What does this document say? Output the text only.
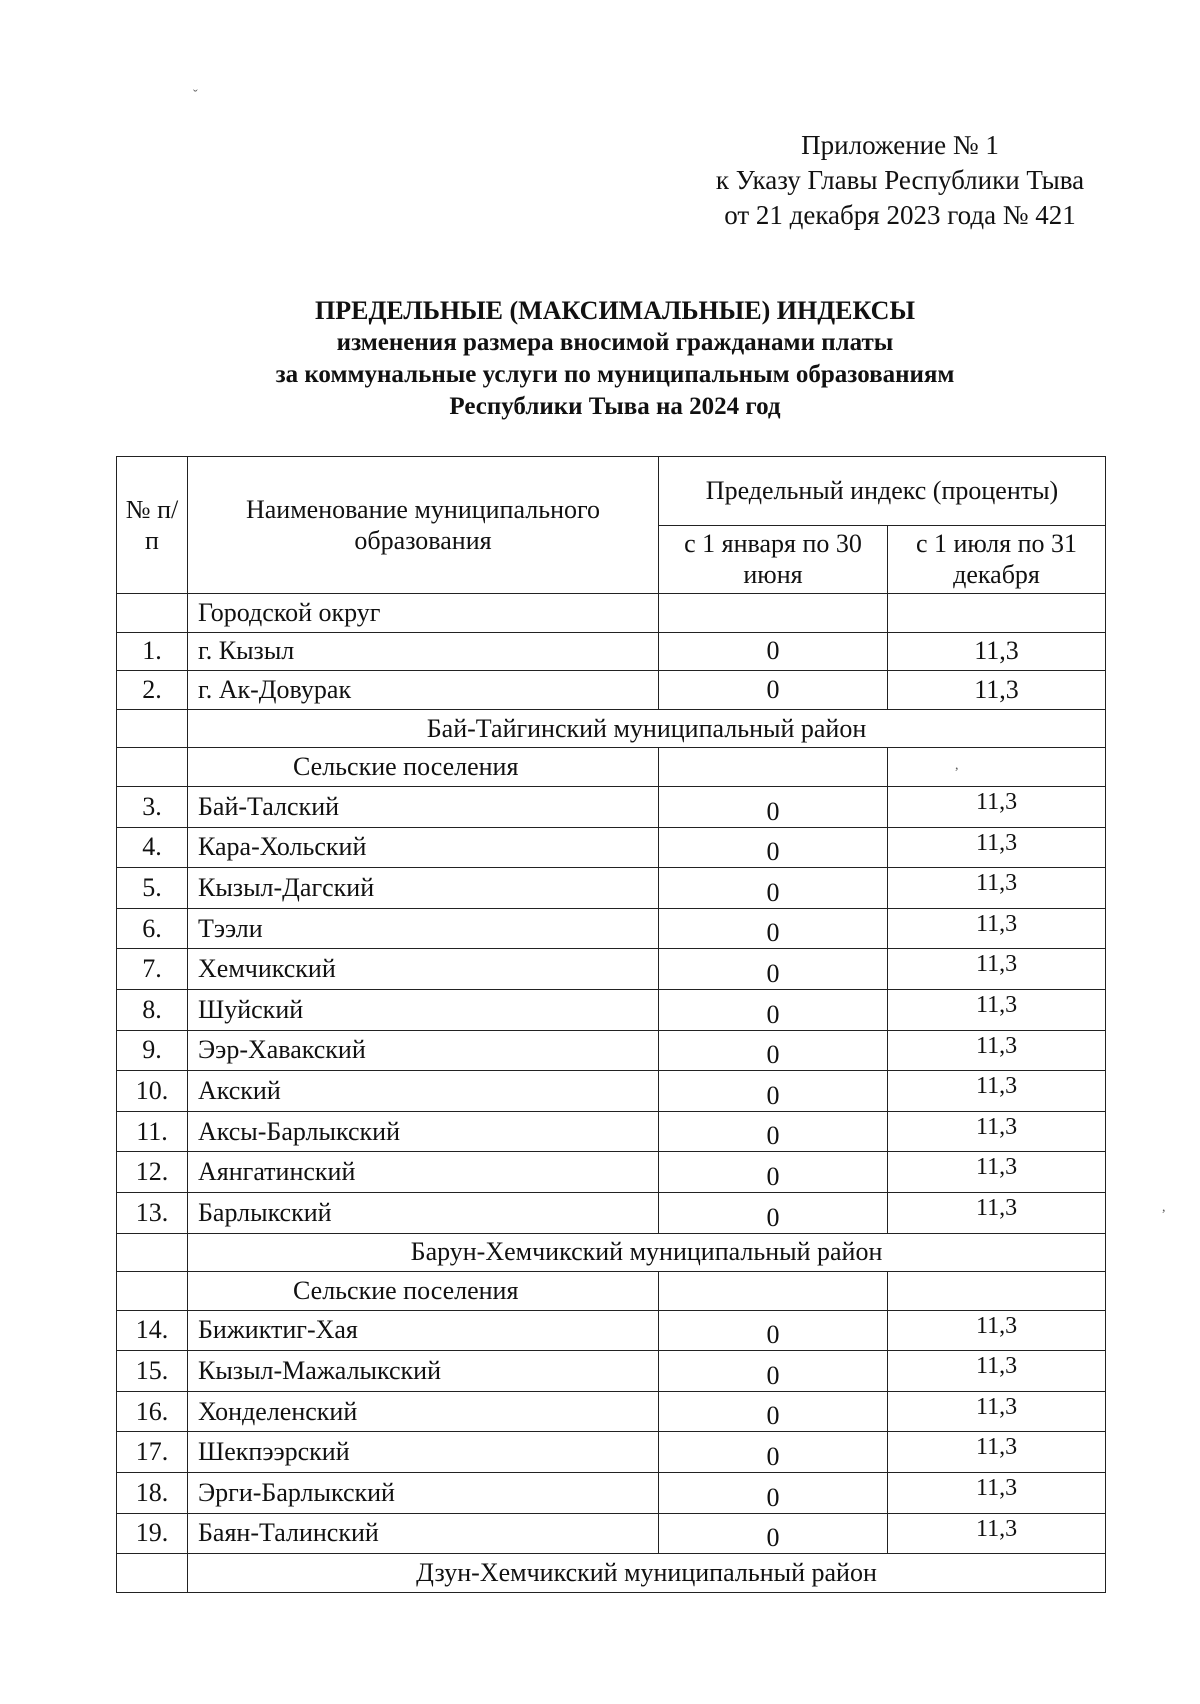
ˇ
,
,
Приложение № 1
к Указу Главы Республики Тыва
от 21 декабря 2023 года № 421
ПРЕДЕЛЬНЫЕ (МАКСИМАЛЬНЫЕ) ИНДЕКСЫ
изменения размера вносимой гражданами платы
за коммунальные услуги по муниципальным образованиям
Республики Тыва на 2024 год
№ п/п	Наименование муниципального образования	Предельный индекс (проценты)	
		с 1 января по 30 июня	с 1 июля по 31 декабря
	Городской округ		
1.	г. Кызыл	0	11,3
2.	г. Ак-Довурак	0	11,3
	Бай-Тайгинский муниципальный район		
	Сельские поселения		
3.	Бай-Талский	0	11,3
4.	Кара-Хольский	0	11,3
5.	Кызыл-Дагский	0	11,3
6.	Тээли	0	11,3
7.	Хемчикский	0	11,3
8.	Шуйский	0	11,3
9.	Ээр-Хавакский	0	11,3
10.	Акский	0	11,3
11.	Аксы-Барлыкский	0	11,3
12.	Аянгатинский	0	11,3
13.	Барлыкский	0	11,3

	Барун-Хемчикский муниципальный район		
	Сельские поселения		
14.	Бижиктиг-Хая	0	11,3
15.	Кызыл-Мажалыкский	0	11,3
16.	Хонделенский	0	11,3
17.	Шекпээрский	0	11,3
18.	Эрги-Барлыкский	0	11,3
19.	Баян-Талинский	0	11,3

	Дзун-Хемчикский муниципальный район		
